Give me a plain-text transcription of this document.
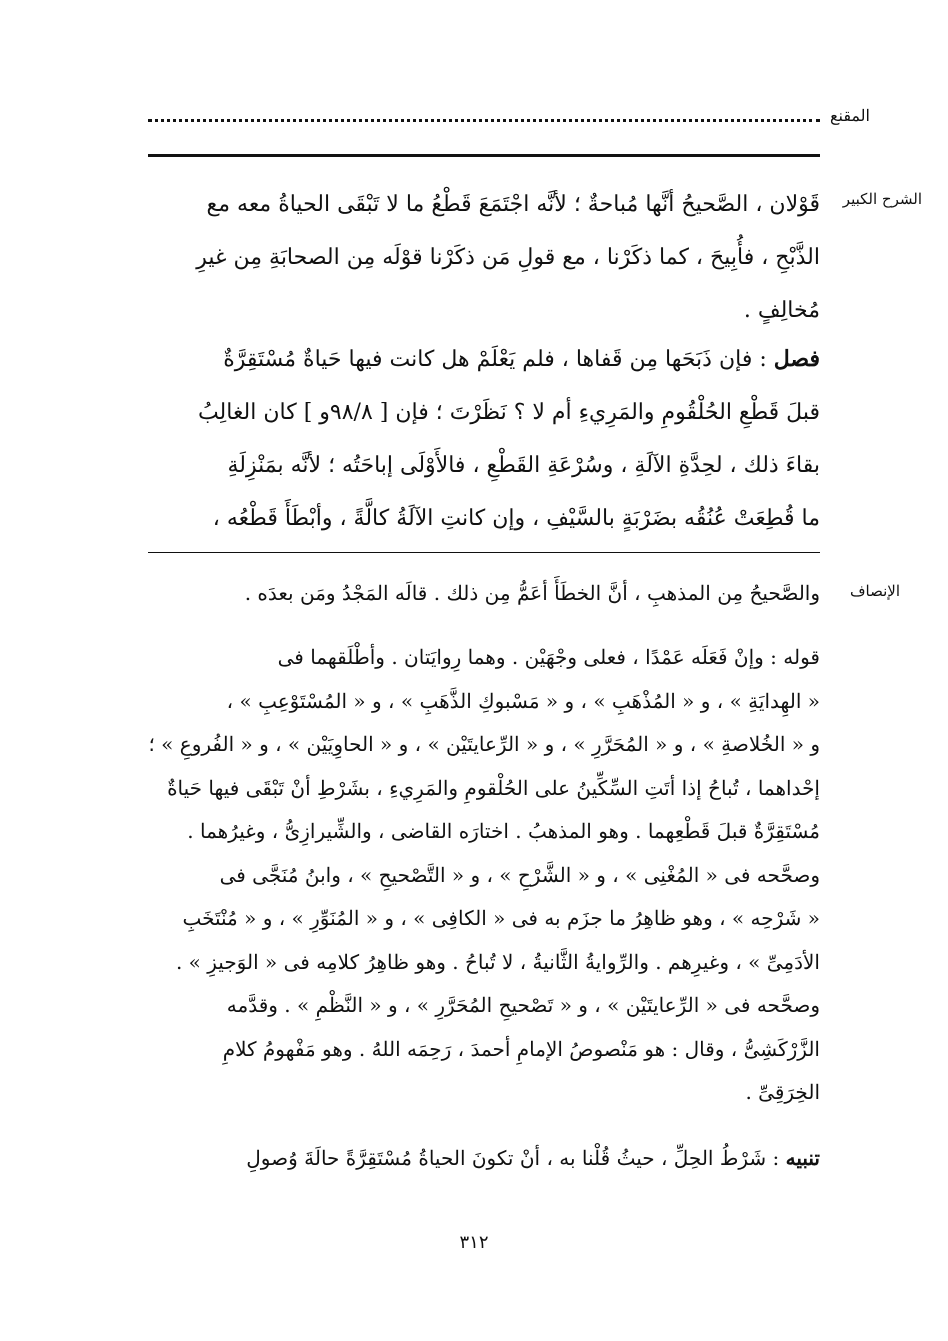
المقنع
الشرح الكبير
قَوْلان ، الصَّحيحُ أنَّها مُباحةٌ ؛ لأنَّه اجْتَمَعَ قَطْعُ ما لا تَبْقَى الحياةُ معه مع
الذَّبْحِ ، فأُبِيحَ ، كما ذكَرْنا ، مع قولِ مَن ذكَرْنا قوْلَه مِن الصحابَةِ مِن غيرِ
مُخالِفٍ .
فصل : فإن ذَبَحَها مِن قَفاها ، فلم يَعْلَمْ هل كانت فيها حَياةٌ مُسْتَقِرَّةٌ
قبلَ قَطْعِ الحُلْقُومِ والمَرِيءِ أم لا ؟ نَظَرْتَ ؛ فإن [ ٩٨/٨و ] كان الغالِبُ
بقاءَ ذلك ، لحِدَّةِ الآلَةِ ، وسُرْعَةِ القَطْعِ ، فالأَوْلَى إباحَتُه ؛ لأنَّه بمَنْزِلَةِ
ما قُطِعَتْ عُنُقُه بضَرْبَةٍ بالسَّيْفِ ، وإن كانتِ الآلَةُ كالَّةً ، وأبْطَأَ قَطْعُه ،
الإنصاف
والصَّحيحُ مِن المذهبِ ، أنَّ الخطَأَ أعَمُّ مِن ذلك . قالَه المَجْدُ ومَن بعدَه .
قوله : وإنْ فَعَلَه عَمْدًا ، فعلى وجْهَيْن . وهما رِوايَتان . وأطْلَقهما فى
« الهِدايَةِ » ، و « المُذْهَبِ » ، و « مَسْبوكِ الذَّهَبِ » ، و « المُسْتَوْعِبِ » ،
و « الخُلاصةِ » ، و « المُحَرَّرِ » ، و « الرِّعايتَيْن » ، و « الحاوِيَيْن » ، و « الفُروعِ » ؛
إحْداهما ، تُباحُ إذا أتَتِ السِّكِّينُ على الحُلْقومِ والمَرِيءِ ، بشَرْطِ أنْ تَبْقَى فيها حَياةٌ
مُسْتَقِرَّةٌ قبلَ قَطْعِهما . وهو المذهبُ . اختارَه القاضى ، والشِّيرازِىُّ ، وغيرُهما .
وصحَّحه فى « المُغْنِى » ، و « الشَّرْحِ » ، و « التَّصْحيحِ » ، وابنُ مُنَجَّى فى
« شَرْحِه » ، وهو ظاهِرُ ما جزَم به فى « الكافِى » ، و « المُنَوِّرِ » ، و « مُنْتَخَبِ
الأدَمِىِّ » ، وغيرِهم . والرِّوايةُ الثَّانيةُ ، لا تُباحُ . وهو ظاهِرُ كلامِه فى « الوَجيزِ » .
وصحَّحه فى « الرِّعايتَيْن » ، و « تَصْحيحِ المُحَرَّرِ » ، و « النَّظْمِ » . وقدَّمه
الزَّرْكَشِىُّ ، وقال : هو مَنْصوصُ الإمامِ أحمدَ ، رَحِمَه اللهُ . وهو مَفْهومُ كلامِ
الخِرَقِىِّ .
تنبيه : شَرْطُ الحِلِّ ، حيثُ قُلْنا به ، أنْ تكونَ الحياةُ مُسْتَقِرَّةً حالَةَ وُصولِ
٣١٢
